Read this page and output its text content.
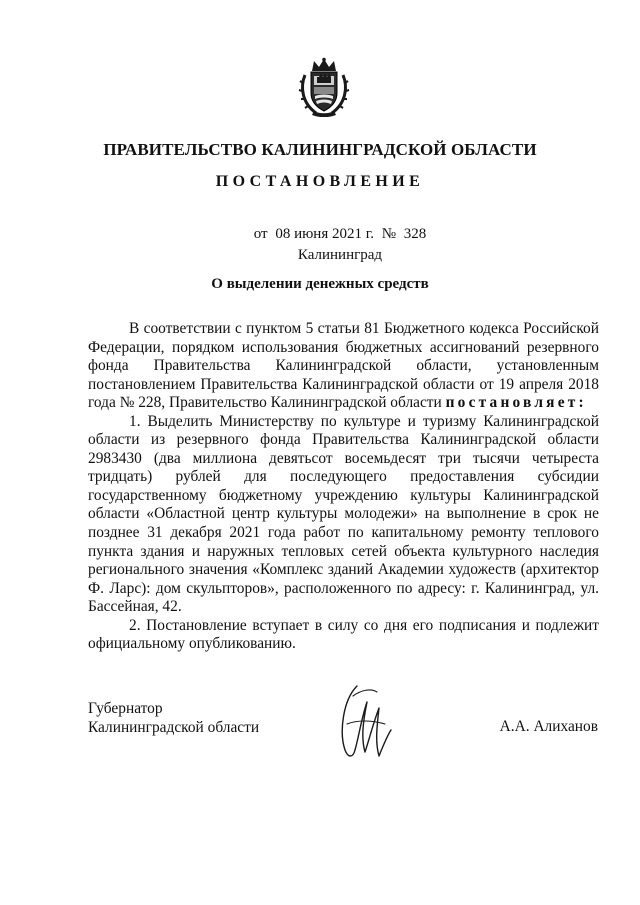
ПРАВИТЕЛЬСТВО КАЛИНИНГРАДСКОЙ ОБЛАСТИ
ПОСТАНОВЛЕНИЕ
от 08 июня 2021 г. № 328
Калининград
О выделении денежных средств

В соответствии с пунктом 5 статьи 81 Бюджетного кодекса Российской Федерации, порядком использования бюджетных ассигнований резервного фонда Правительства Калининградской области, установленным постановлением Правительства Калининградской области от 19 апреля 2018 года № 228, Правительство Калининградской области постановляет:

1. Выделить Министерству по культуре и туризму Калининградской области из резервного фонда Правительства Калининградской области 2983430 (два миллиона девятьсот восемьдесят три тысячи четыреста тридцать) рублей для последующего предоставления субсидии государственному бюджетному учреждению культуры Калининградской области «Областной центр культуры молодежи» на выполнение в срок не позднее 31 декабря 2021 года работ по капитальному ремонту теплового пункта здания и наружных тепловых сетей объекта культурного наследия регионального значения «Комплекс зданий Академии художеств (архитектор Ф. Ларс): дом скульпторов», расположенного по адресу: г. Калининград, ул. Бассейная, 42.

2. Постановление вступает в силу со дня его подписания и подлежит официальному опубликованию.

Губернатор
Калининградской области	А.А. Алиханов
